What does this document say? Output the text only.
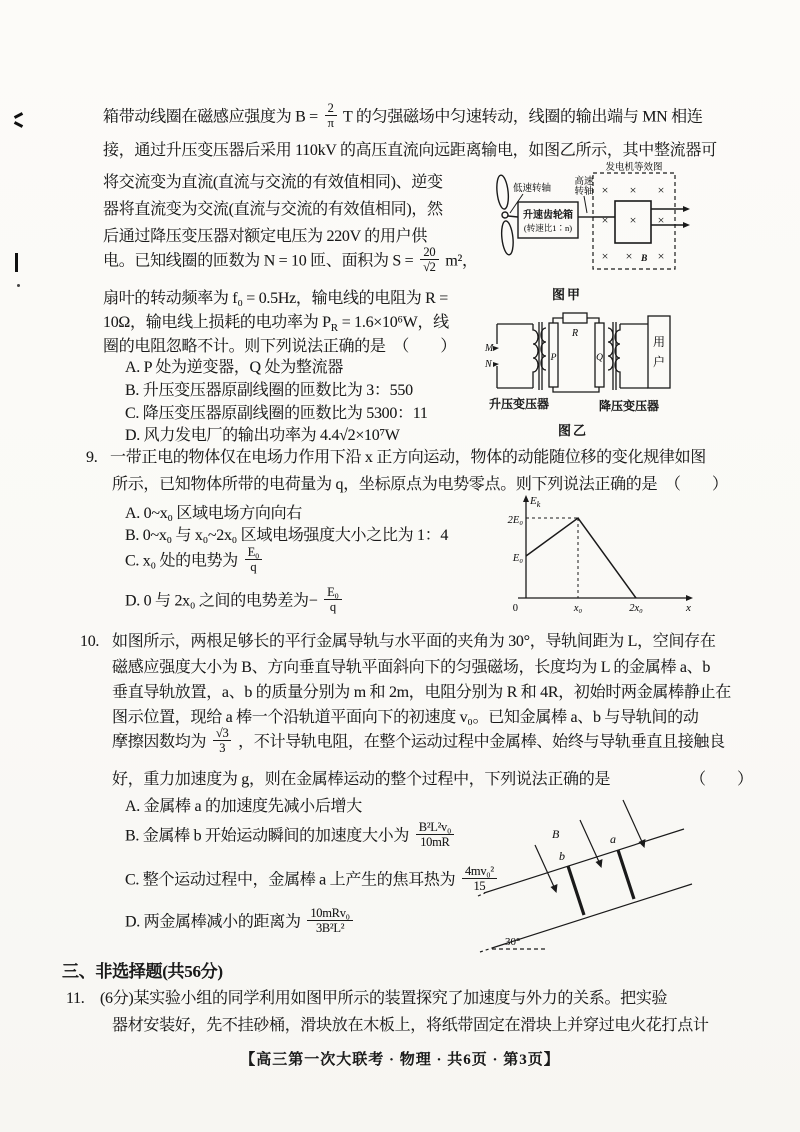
箱带动线圈在磁感应强度为 $B = \frac{2}{\pi}$ T 的匀强磁场中匀速转动，线圈的输出端与 MN 相连
接，通过升压变压器后采用 110kV 的高压直流向远距离输电，如图乙所示，其中整流器可
将交流变为直流(直流与交流的有效值相同)、逆变
器将直流变为交流(直流与交流的有效值相同)，然
后通过降压变压器对额定电压为 220V 的用户供
电。已知线圈的匝数为 N = 10 匝、面积为 $S = \frac{20}{√2} m^2$，
扇叶的转动频率为 f₀ = 0.5Hz，输电线的电阻为 R =
10Ω，输电线上损耗的电功率为 $P_R = 1.6\times 10^6W$，线
圈的电阻忽略不计。则下列说法正确的是　（　　）
A. P 处为逆变器，Q 处为整流器
B. 升压变压器原副线圈的匝数比为 3：550
C. 降压变压器原副线圈的匝数比为 5300：11
D. 风力发电厂的输出功率为 4.4√2×10⁷W
低速转轴
高速
转轴
升速齿轮箱
(转速比1∶n)
发电机等效图
× × ×
× × ×
× × ×
B
图甲
M
N
P	Q
R
用
户
升压变压器	降压变压器
图乙
9. 一带正电的物体仅在电场力作用下沿 x 正方向运动，物体的动能随位移的变化规律如图
所示，已知物体所带的电荷量为 q，坐标原点为电势零点。则下列说法正确的是　（　　）
A. 0~x₀ 区域电场方向向右
B. 0~x₀ 与 x₀~2x₀ 区域电场强度大小之比为 1：4
C. x₀ 处的电势为 $\frac{\text{E₀}}{q}$
D. 0 与 2x₀ 之间的电势差为− $\frac{\text{E₀}}{q}$
$E_k$
2E₀
E₀
0	x₀	2x₀	x
10. 如图所示，两根足够长的平行金属导轨与水平面的夹角为 30°，导轨间距为 L，空间存在
磁感应强度大小为 B、方向垂直导轨平面斜向下的匀强磁场，长度均为 L 的金属棒 a、b
垂直导轨放置，a、b 的质量分别为 m 和 2m，电阻分别为 R 和 4R，初始时两金属棒静止在
图示位置，现给 a 棒一个沿轨道平面向下的初速度 v₀。已知金属棒 a、b 与导轨间的动
摩擦因数均为 $\frac{√3}{3}$ ，不计导轨电阻，在整个运动过程中金属棒、始终与导轨垂直且接触良
好，重力加速度为 g，则在金属棒运动的整个过程中，下列说法正确的是	（　　）
A. 金属棒 a 的加速度先减小后增大
B. 金属棒 b 开始运动瞬间的加速度大小为 $\frac{\text{B²L²v₀}}{10mR}$
C. 整个运动过程中，金属棒 a 上产生的焦耳热为 $\frac{\text{4mv₀²}}{15}$
D. 两金属棒减小的距离为 $\frac{\text{10mRv₀}}{\text{3B²L²}}$
B	a
b
30°
三、非选择题(共56分)
11. (6分)某实验小组的同学利用如图甲所示的装置探究了加速度与外力的关系。把实验
器材安装好，先不挂砂桶，滑块放在木板上，将纸带固定在滑块上并穿过电火花打点计
【高三第一次大联考 · 物理 · 共6页 · 第3页】
